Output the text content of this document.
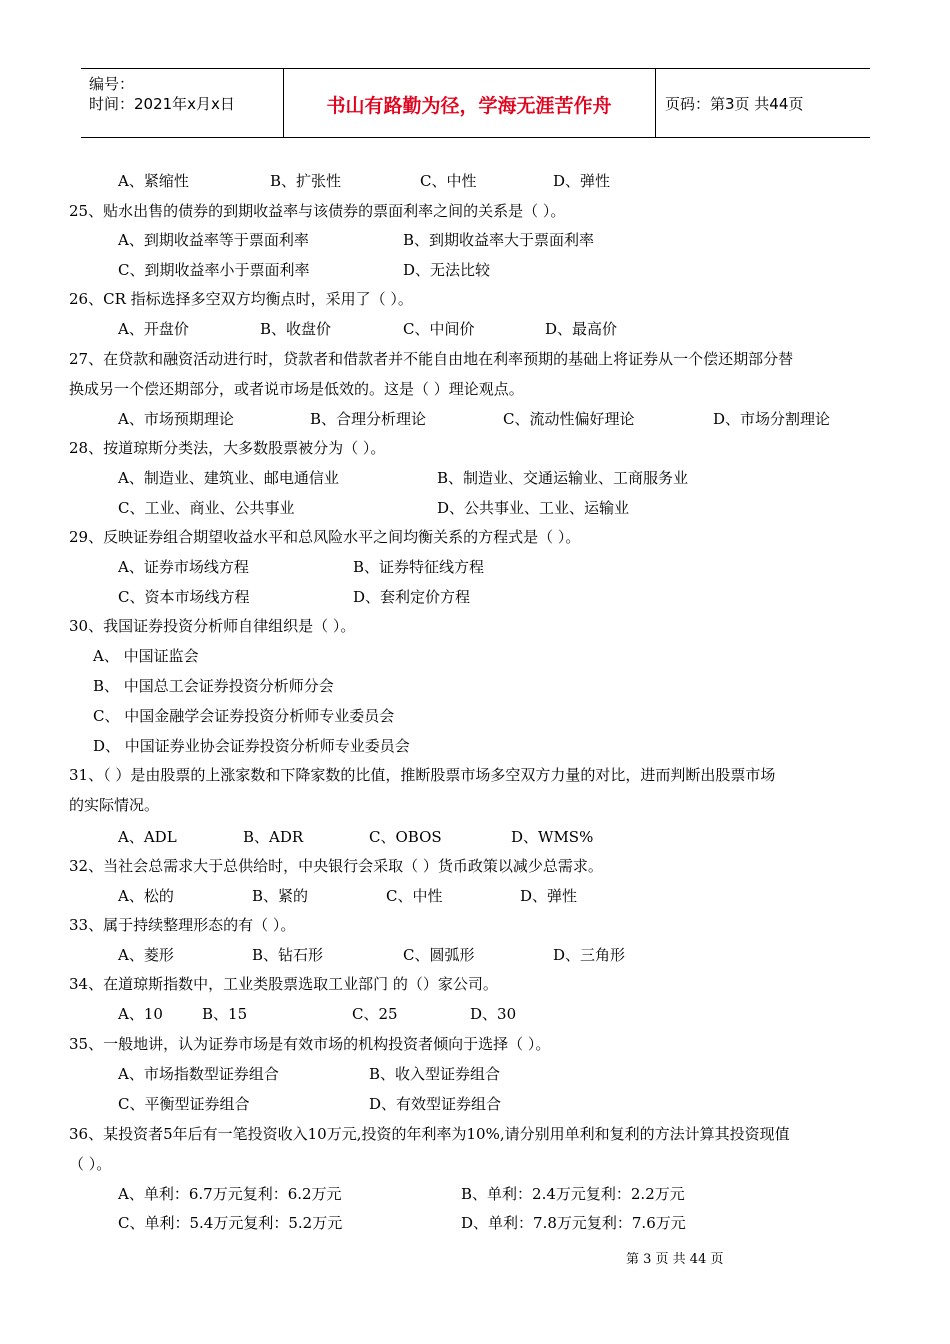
编号：
时间：2021年x月x日	书山有路勤为径，学海无涯苦作舟	页码：第3页 共44页
A、紧缩性	B、扩张性	C、中性	D、弹性
25、贴水出售的债券的到期收益率与该债券的票面利率之间的关系是（ ）。
A、到期收益率等于票面利率	B、到期收益率大于票面利率
C、到期收益率小于票面利率	D、无法比较
26、CR 指标选择多空双方均衡点时，采用了（ ）。
A、开盘价	B、收盘价	C、中间价	D、最高价
27、在贷款和融资活动进行时，贷款者和借款者并不能自由地在利率预期的基础上将证券从一个偿还期部分替
换成另一个偿还期部分，或者说市场是低效的。这是（ ）理论观点。
A、市场预期理论	B、合理分析理论	C、流动性偏好理论	D、市场分割理论
28、按道琼斯分类法，大多数股票被分为（ ）。
A、制造业、建筑业、邮电通信业	B、制造业、交通运输业、工商服务业
C、工业、商业、公共事业	D、公共事业、工业、运输业
29、反映证券组合期望收益水平和总风险水平之间均衡关系的方程式是（ ）。
A、证券市场线方程	B、证券特征线方程
C、资本市场线方程	D、套利定价方程
30、我国证券投资分析师自律组织是（ ）。
A、 中国证监会
B、 中国总工会证券投资分析师分会
C、 中国金融学会证券投资分析师专业委员会
D、 中国证券业协会证券投资分析师专业委员会
31、（ ）是由股票的上涨家数和下降家数的比值，推断股票市场多空双方力量的对比，进而判断出股票市场
的实际情况。
A、ADL	B、ADR	C、OBOS	D、WMS%
32、当社会总需求大于总供给时，中央银行会采取（ ）货币政策以减少总需求。
A、松的	B、紧的	C、中性	D、弹性
33、属于持续整理形态的有（ ）。
A、菱形	B、钻石形	C、圆弧形	D、三角形
34、在道琼斯指数中，工业类股票选取工业部门 的（）家公司。
A、10	B、15	C、25	D、30
35、一般地讲，认为证券市场是有效市场的机构投资者倾向于选择（ ）。
A、市场指数型证券组合	B、收入型证券组合
C、平衡型证券组合	D、有效型证券组合
36、某投资者5年后有一笔投资收入10万元,投资的年利率为10%,请分别用单利和复利的方法计算其投资现值
（ ）。
A、单利：6.7万元复利：6.2万元	B、单利：2.4万元复利：2.2万元
C、单利：5.4万元复利：5.2万元	D、单利：7.8万元复利：7.6万元
第 3 页 共 44 页
